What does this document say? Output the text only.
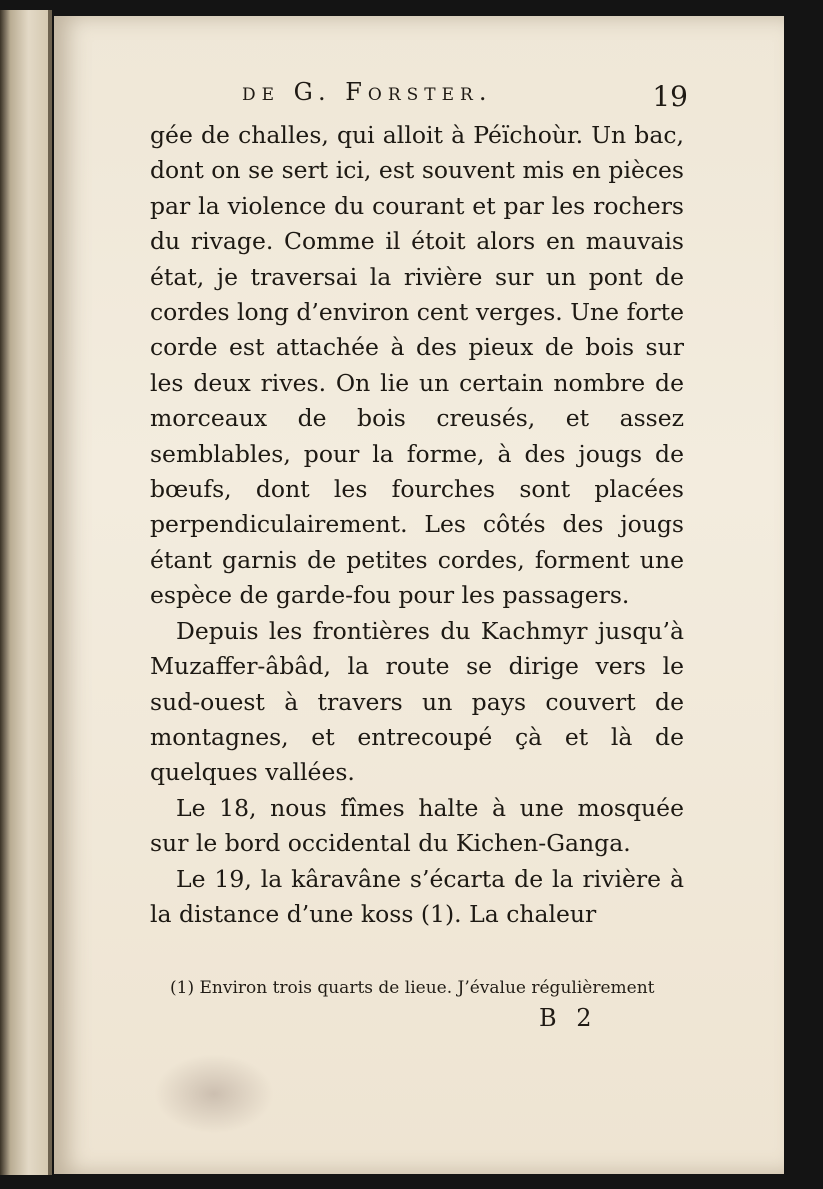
de G. Forster.	19

gée de challes, qui alloit à Péïchoùr. Un bac, dont on se sert ici, est souvent mis en pièces par la violence du courant et par les rochers du rivage. Comme il étoit alors en mauvais état, je traversai la rivière sur un pont de cordes long d’environ cent verges. Une forte corde est attachée à des pieux de bois sur les deux rives. On lie un certain nombre de morceaux de bois creusés, et assez semblables, pour la forme, à des jougs de bœufs, dont les fourches sont placées perpendiculairement. Les côtés des jougs étant garnis de petites cordes, forment une espèce de garde-fou pour les passagers.

Depuis les frontières du Kachmyr jusqu’à Muzaffer-âbâd, la route se dirige vers le sud-ouest à travers un pays couvert de montagnes, et entrecoupé çà et là de quelques vallées.

Le 18, nous fîmes halte à une mosquée sur le bord occidental du Kichen-Ganga.

Le 19, la kâravâne s’écarta de la rivière à la distance d’une koss (1). La chaleur

(1) Environ trois quarts de lieue. J’évalue régulièrement
B 2
